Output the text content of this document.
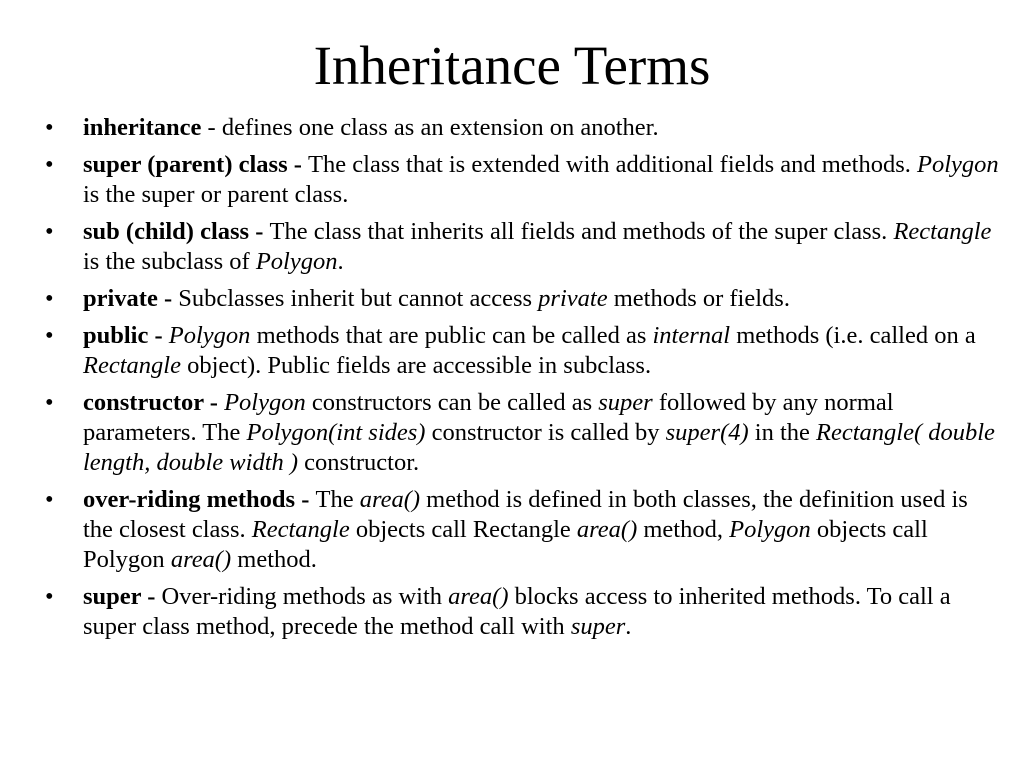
Inheritance Terms
• inheritance - defines one class as an extension on another.
• super (parent) class - The class that is extended with additional fields and methods. Polygon is the super or parent class.
• sub (child) class - The class that inherits all fields and methods of the super class. Rectangle is the subclass of Polygon.
• private - Subclasses inherit but cannot access private methods or fields.
• public - Polygon methods that are public can be called as internal methods (i.e. called on a Rectangle object). Public fields are accessible in subclass.
• constructor - Polygon constructors can be called as super followed by any normal parameters. The Polygon(int sides) constructor is called by super(4) in the Rectangle( double length, double width ) constructor.
• over-riding methods - The area() method is defined in both classes, the definition used is the closest class. Rectangle objects call Rectangle area() method, Polygon objects call Polygon area() method.
• super - Over-riding methods as with area() blocks access to inherited methods. To call a super class method, precede the method call with super.
